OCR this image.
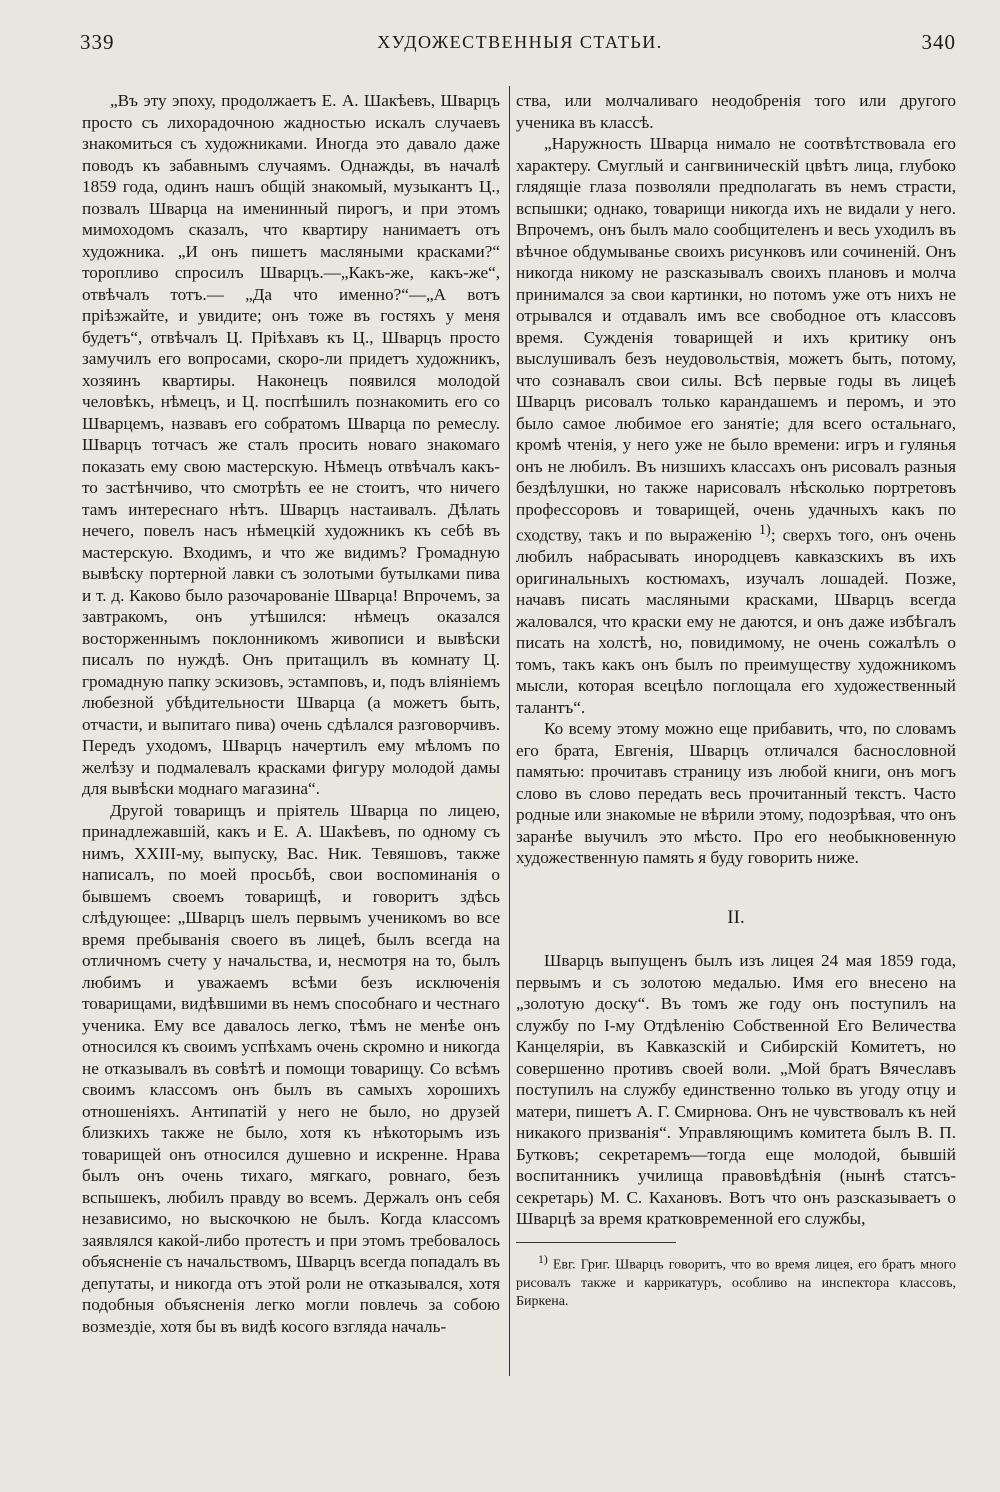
339	ХУДОЖЕСТВЕННЫЯ СТАТЬИ.	340

„Въ эту эпоху, продолжаетъ Е. А. Шакѣевъ, Шварцъ просто съ лихорадочною жадностью искалъ случаевъ знакомиться съ художниками. Иногда это давало даже поводъ къ забавнымъ случаямъ. Однажды, въ началѣ 1859 года, одинъ нашъ общій знакомый, музыкантъ Ц., позвалъ Шварца на именинный пирогъ, и при этомъ мимоходомъ сказалъ, что квартиру нанимаетъ отъ художника. „И онъ пишетъ масляными красками?“ торопливо спросилъ Шварцъ.—„Какъ-же, какъ-же“, отвѣчалъ тотъ.— „Да что именно?“—„А вотъ пріѣзжайте, и увидите; онъ тоже въ гостяхъ у меня будетъ“, отвѣчалъ Ц. Пріѣхавъ къ Ц., Шварцъ просто замучилъ его вопросами, скоро-ли придетъ художникъ, хозяинъ квартиры. Наконецъ появился молодой человѣкъ, нѣмецъ, и Ц. поспѣшилъ познакомить его со Шварцемъ, назвавъ его собратомъ Шварца по ремеслу. Шварцъ тотчасъ же сталъ просить новаго знакомаго показать ему свою мастерскую. Нѣмецъ отвѣчалъ какъ-то застѣнчиво, что смотрѣть ее не стоитъ, что ничего тамъ интереснаго нѣтъ. Шварцъ настаивалъ. Дѣлать нечего, повелъ насъ нѣмецкій художникъ къ себѣ въ мастерскую. Входимъ, и что же видимъ? Громадную вывѣску портерной лавки съ золотыми бутылками пива и т. д. Каково было разочарованіе Шварца! Впрочемъ, за завтракомъ, онъ утѣшился: нѣмецъ оказался восторженнымъ поклонникомъ живописи и вывѣски писалъ по нуждѣ. Онъ притащилъ въ комнату Ц. громадную папку эскизовъ, эстамповъ, и, подъ вліяніемъ любезной убѣдительности Шварца (а можетъ быть, отчасти, и выпитаго пива) очень сдѣлался разговорчивъ. Передъ уходомъ, Шварцъ начертилъ ему мѣломъ по желѣзу и подмалевалъ красками фигуру молодой дамы для вывѣски моднаго магазина“.

Другой товарищъ и пріятель Шварца по лицею, принадлежавшій, какъ и Е. А. Шакѣевъ, по одному съ нимъ, XXIII-му, выпуску, Вас. Ник. Тевяшовъ, также написалъ, по моей просьбѣ, свои воспоминанія о бывшемъ своемъ товарищѣ, и говоритъ здѣсь слѣдующее: „Шварцъ шелъ первымъ ученикомъ во все время пребыванія своего въ лицеѣ, былъ всегда на отличномъ счету у начальства, и, несмотря на то, былъ любимъ и уважаемъ всѣми безъ исключенія товарищами, видѣвшими въ немъ способнаго и честнаго ученика. Ему все давалось легко, тѣмъ не менѣе онъ относился къ своимъ успѣхамъ очень скромно и никогда не отказывалъ въ совѣтѣ и помощи товарищу. Со всѣмъ своимъ классомъ онъ былъ въ самыхъ хорошихъ отношеніяхъ. Антипатій у него не было, но друзей близкихъ также не было, хотя къ нѣкоторымъ изъ товарищей онъ относился душевно и искренне. Нрава былъ онъ очень тихаго, мягкаго, ровнаго, безъ вспышекъ, любилъ правду во всемъ. Держалъ онъ себя независимо, но выскочкою не былъ. Когда классомъ заявлялся какой-либо протестъ и при этомъ требовалось объясненіе съ начальствомъ, Шварцъ всегда попадалъ въ депутаты, и никогда отъ этой роли не отказывался, хотя подобныя объясненія легко могли повлечь за собою возмездіе, хотя бы въ видѣ косого взгляда началь-

ства, или молчаливаго неодобренія того или другого ученика въ классѣ.

„Наружность Шварца нимало не соотвѣтствовала его характеру. Смуглый и сангвиническій цвѣтъ лица, глубоко глядящіе глаза позволяли предполагать въ немъ страсти, вспышки; однако, товарищи никогда ихъ не видали у него. Впрочемъ, онъ былъ мало сообщителенъ и весь уходилъ въ вѣчное обдумыванье своихъ рисунковъ или сочиненій. Онъ никогда никому не разсказывалъ своихъ плановъ и молча принимался за свои картинки, но потомъ уже отъ нихъ не отрывался и отдавалъ имъ все свободное отъ классовъ время. Сужденія товарищей и ихъ критику онъ выслушивалъ безъ неудовольствія, можетъ быть, потому, что сознавалъ свои силы. Всѣ первые годы въ лицеѣ Шварцъ рисовалъ только карандашемъ и перомъ, и это было самое любимое его занятіе; для всего остальнаго, кромѣ чтенія, у него уже не было времени: игръ и гулянья онъ не любилъ. Въ низшихъ классахъ онъ рисовалъ разныя бездѣлушки, но также нарисовалъ нѣсколько портретовъ профессоровъ и товарищей, очень удачныхъ какъ по сходству, такъ и по выраженію $^{1)}$; сверхъ того, онъ очень любилъ набрасывать инородцевъ кавказскихъ въ ихъ оригинальныхъ костюмахъ, изучалъ лошадей. Позже, начавъ писать масляными красками, Шварцъ всегда жаловался, что краски ему не даются, и онъ даже избѣгалъ писать на холстѣ, но, повидимому, не очень сожалѣлъ о томъ, такъ какъ онъ былъ по преимуществу художникомъ мысли, которая всецѣло поглощала его художественный талантъ“.

Ко всему этому можно еще прибавить, что, по словамъ его брата, Евгенія, Шварцъ отличался баснословной памятью: прочитавъ страницу изъ любой книги, онъ могъ слово въ слово передать весь прочитанный текстъ. Часто родные или знакомые не вѣрили этому, подозрѣвая, что онъ заранѣе выучилъ это мѣсто. Про его необыкновенную художественную память я буду говорить ниже.

II.

Шварцъ выпущенъ былъ изъ лицея 24 мая 1859 года, первымъ и съ золотою медалью. Имя его внесено на „золотую доску“. Въ томъ же году онъ поступилъ на службу по I-му Отдѣленію Собственной Его Величества Канцеляріи, въ Кавказскій и Сибирскій Комитетъ, но совершенно противъ своей воли. „Мой братъ Вячеславъ поступилъ на службу единственно только въ угоду отцу и матери, пишетъ А. Г. Смирнова. Онъ не чувствовалъ къ ней никакого призванія“. Управляющимъ комитета былъ В. П. Бутковъ; секретаремъ—тогда еще молодой, бывшій воспитанникъ училища правовѣдѣнія (нынѣ статсъ-секретарь) М. С. Кахановъ. Вотъ что онъ разсказываетъ о Шварцѣ за время кратковременной его службы,

$^{1)}$ Евг. Григ. Шварцъ говоритъ, что во время лицея, его братъ много рисовалъ также и каррикатуръ, особливо на инспектора классовъ, Биркена.
